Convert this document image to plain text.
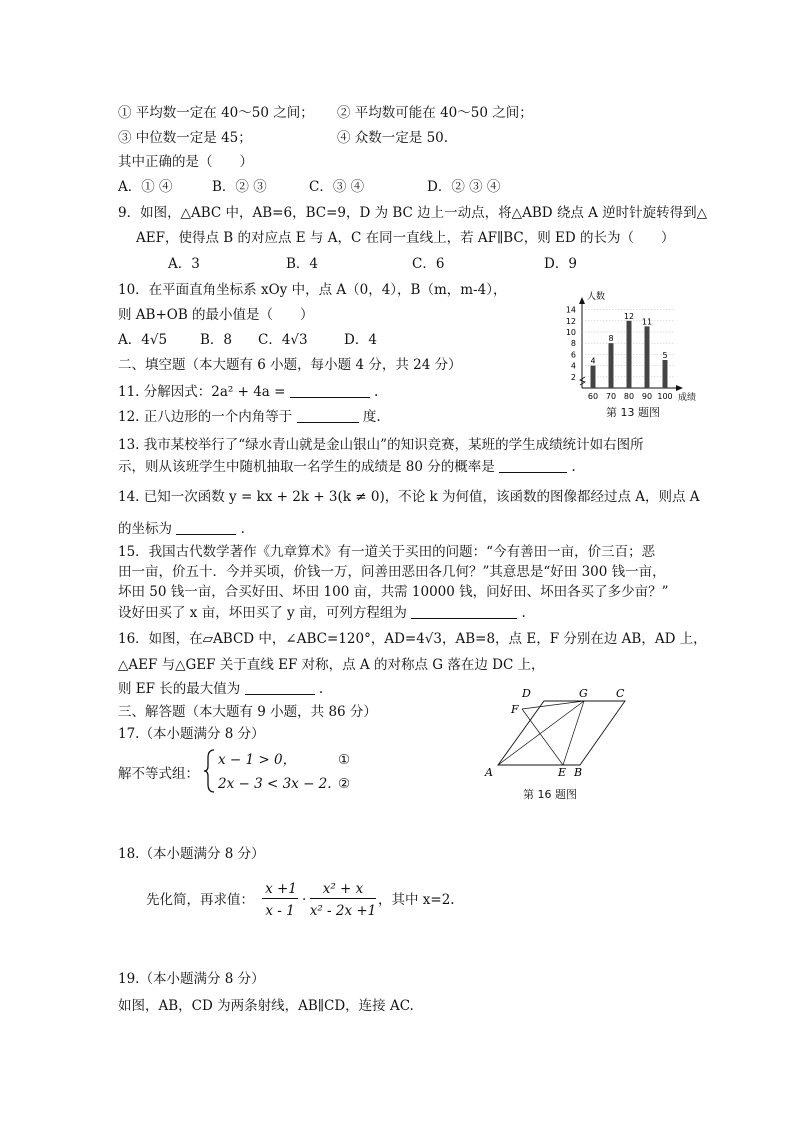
① 平均数一定在 40～50 之间； ② 平均数可能在 40～50 之间；
③ 中位数一定是 45；	④ 众数一定是 50.
其中正确的是（　　）
A．① ④	B．② ③	C．③ ④	D．② ③ ④
9．如图，△ABC 中，AB=6，BC=9，D 为 BC 边上一动点，将△ABD 绕点 A 逆时针旋转得到△
AEF，使得点 B 的对应点 E 与 A，C 在同一直线上，若 AF∥BC，则 ED 的长为（　　）
A．3	B．4	C．6	D．9
10．在平面直角坐标系 xOy 中，点 A（0，4），B（m，m-4），
则 AB+OB 的最小值是（　　）
A．4√5 B．8 C．4√3	D．4
二、填空题（本大题有 6 小题，每小题 4 分，共 24 分）
11. 分解因式：2a² + 4a =	.
12. 正八边形的一个内角等于	度.
13. 我市某校举行了“绿水青山就是金山银山”的知识竞赛，某班的学生成绩统计如右图所
示，则从该班学生中随机抽取一名学生的成绩是 80 分的概率是	.
14. 已知一次函数 y = kx + 2k + 3(k ≠ 0)，不论 k 为何值，该函数的图像都经过点 A，则点 A
的坐标为	.
15．我国古代数学著作《九章算术》有一道关于买田的问题：“今有善田一亩，价三百；恶
田一亩，价五十．今并买顷，价钱一万，问善田恶田各几何？”其意思是“好田 300 钱一亩，
坏田 50 钱一亩，合买好田、坏田 100 亩，共需 10000 钱，问好田、坏田各买了多少亩？”
设好田买了 x 亩，坏田买了 y 亩，可列方程组为	.
16．如图，在▱ABCD 中，∠ABC=120°，AD=4√3，AB=8，点 E，F 分别在边 AB，AD 上，
△AEF 与△GEF 关于直线 EF 对称，点 A 的对称点 G 落在边 DC 上，
则 EF 长的最大值为	.
三、解答题（本大题有 9 小题，共 86 分）
17.（本小题满分 8 分）
解不等式组：
x − 1 > 0，
2x − 3 < 3x − 2.
①
②
18.（本小题满分 8 分）
先化简，再求值：
x +1
x - 1
·
x² + x
x² - 2x +1
，其中 x=2.
19.（本小题满分 8 分）
如图，AB，CD 为两条射线，AB∥CD，连接 AC.
人数
成绩
14
12
10
8
6
4
2
4
60
8
70
12
80
11
90
5
100
第 13 题图
A	B
E
C
D	G
F
第 16 题图
